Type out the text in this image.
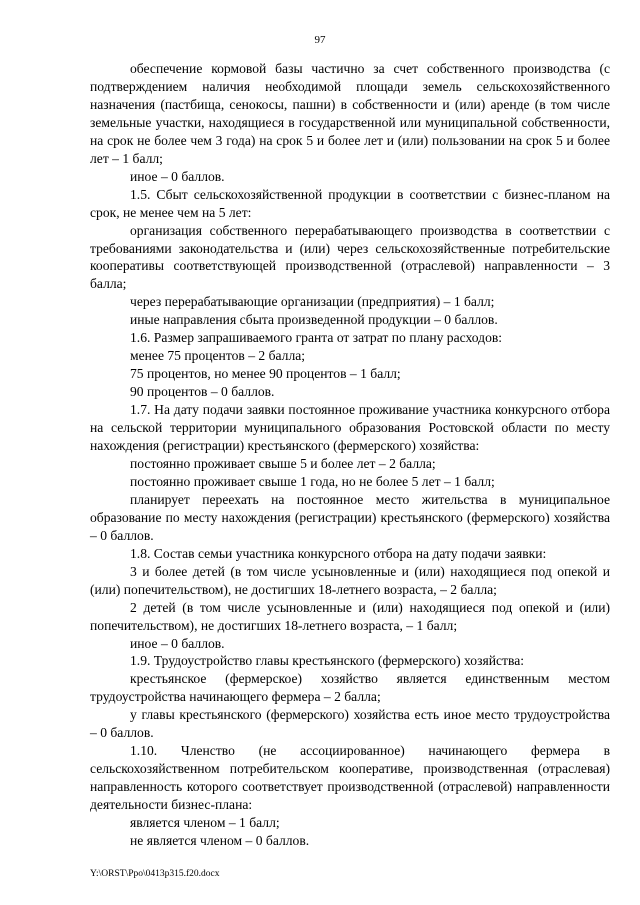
97

обеспечение кормовой базы частично за счет собственного производства (с подтверждением наличия необходимой площади земель сельскохозяйственного назначения (пастбища, сенокосы, пашни) в собственности и (или) аренде (в том числе земельные участки, находящиеся в государственной или муниципальной собственности, на срок не более чем 3 года) на срок 5 и более лет и (или) пользовании на срок 5 и более лет – 1 балл;

иное – 0 баллов.

1.5. Сбыт сельскохозяйственной продукции в соответствии с бизнес-планом на срок, не менее чем на 5 лет:

организация собственного перерабатывающего производства в соответствии с требованиями законодательства и (или) через сельскохозяйственные потребительские кооперативы соответствующей производственной (отраслевой) направленности – 3 балла;

через перерабатывающие организации (предприятия) – 1 балл;

иные направления сбыта произведенной продукции – 0 баллов.

1.6. Размер запрашиваемого гранта от затрат по плану расходов:

менее 75 процентов – 2 балла;

75 процентов, но менее 90 процентов – 1 балл;

90 процентов – 0 баллов.

1.7. На дату подачи заявки постоянное проживание участника конкурсного отбора на сельской территории муниципального образования Ростовской области по месту нахождения (регистрации) крестьянского (фермерского) хозяйства:

постоянно проживает свыше 5 и более лет – 2 балла;

постоянно проживает свыше 1 года, но не более 5 лет – 1 балл;

планирует переехать на постоянное место жительства в муниципальное образование по месту нахождения (регистрации) крестьянского (фермерского) хозяйства – 0 баллов.

1.8. Состав семьи участника конкурсного отбора на дату подачи заявки:

3 и более детей (в том числе усыновленные и (или) находящиеся под опекой и (или) попечительством), не достигших 18-летнего возраста, – 2 балла;

2 детей (в том числе усыновленные и (или) находящиеся под опекой и (или) попечительством), не достигших 18-летнего возраста, – 1 балл;

иное – 0 баллов.

1.9. Трудоустройство главы крестьянского (фермерского) хозяйства:

крестьянское (фермерское) хозяйство является единственным местом трудоустройства начинающего фермера – 2 балла;

у главы крестьянского (фермерского) хозяйства есть иное место трудоустройства – 0 баллов.

1.10. Членство (не ассоциированное) начинающего фермера в сельскохозяйственном потребительском кооперативе, производственная (отраслевая) направленность которого соответствует производственной (отраслевой) направленности деятельности бизнес-плана:

является членом – 1 балл;

не является членом – 0 баллов.

Y:\ORST\Ppo\0413p315.f20.docx
